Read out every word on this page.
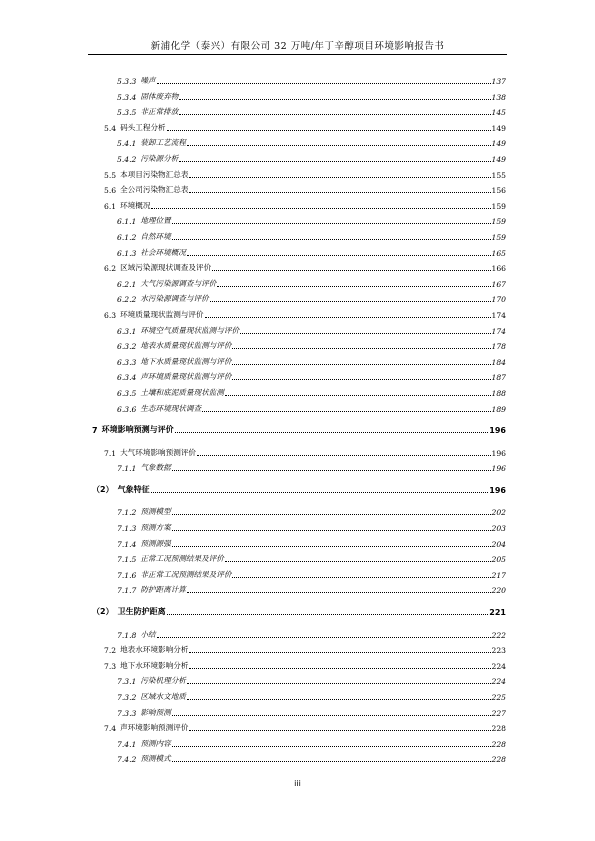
新浦化学（泰兴）有限公司 32 万吨/年丁辛醇项目环境影响报告书
iii
5.3.3 噪声	137
5.3.4 固体废弃物	138
5.3.5 非正常排放	145
5.4 码头工程分析	149
5.4.1 装卸工艺流程	149
5.4.2 污染源分析	149
5.5 本项目污染物汇总表	155
5.6 全公司污染物汇总表	156
6.1 环境概况	159
6.1.1 地理位置	159
6.1.2 自然环境	159
6.1.3 社会环境概况	165
6.2 区域污染源现状调查及评价	166
6.2.1 大气污染源调查与评价	167
6.2.2 水污染源调查与评价	170
6.3 环境质量现状监测与评价	174
6.3.1 环境空气质量现状监测与评价	174
6.3.2 地表水质量现状监测与评价	178
6.3.3 地下水质量现状监测与评价	184
6.3.4 声环境质量现状监测与评价	187
6.3.5 土壤和底泥质量现状监测	188
6.3.6 生态环境现状调查	189
7 环境影响预测与评价	196
7.1 大气环境影响预测评价	196
7.1.1 气象数据	196
（2） 气象特征	196
7.1.2 预测模型	202
7.1.3 预测方案	203
7.1.4 预测源强	204
7.1.5 正常工况预测结果及评价	205
7.1.6 非正常工况预测结果及评价	217
7.1.7 防护距离计算	220
（2） 卫生防护距离	221
7.1.8 小结	222
7.2 地表水环境影响分析	223
7.3 地下水环境影响分析	224
7.3.1 污染机理分析	224
7.3.2 区域水文地质	225
7.3.3 影响预测	227
7.4 声环境影响预测评价	228
7.4.1 预测内容	228
7.4.2 预测模式	228
